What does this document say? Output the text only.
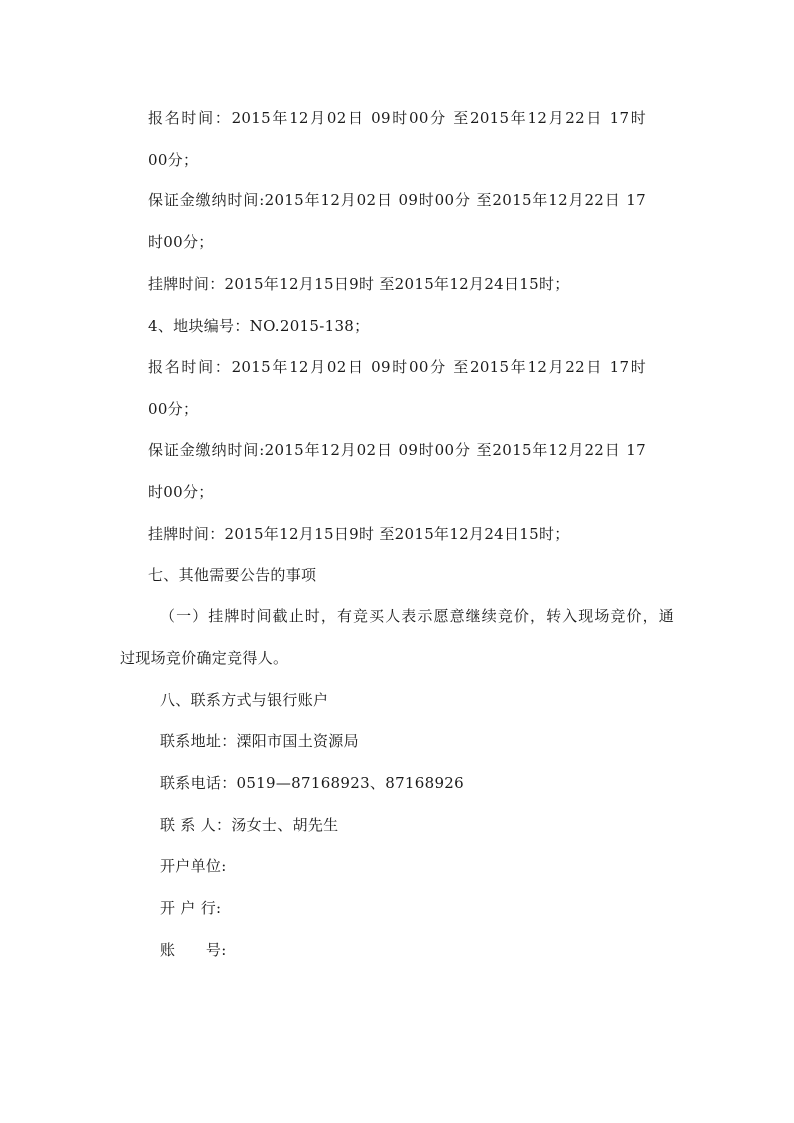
报名时间：2015年12月02日 09时00分 至2015年12月22日 17时
00分；
保证金缴纳时间:2015年12月02日 09时00分 至2015年12月22日 17
时00分；
挂牌时间：2015年12月15日9时 至2015年12月24日15时；
4、地块编号：NO.2015-138；
报名时间：2015年12月02日 09时00分 至2015年12月22日 17时
00分；
保证金缴纳时间:2015年12月02日 09时00分 至2015年12月22日 17
时00分；
挂牌时间：2015年12月15日9时 至2015年12月24日15时；
七、其他需要公告的事项
（一）挂牌时间截止时，有竞买人表示愿意继续竞价，转入现场竞价，通
过现场竞价确定竞得人。
八、联系方式与银行账户
联系地址：溧阳市国土资源局
联系电话：0519—87168923、87168926
联 系 人：汤女士、胡先生
开户单位:
开 户 行:
账　　号:
